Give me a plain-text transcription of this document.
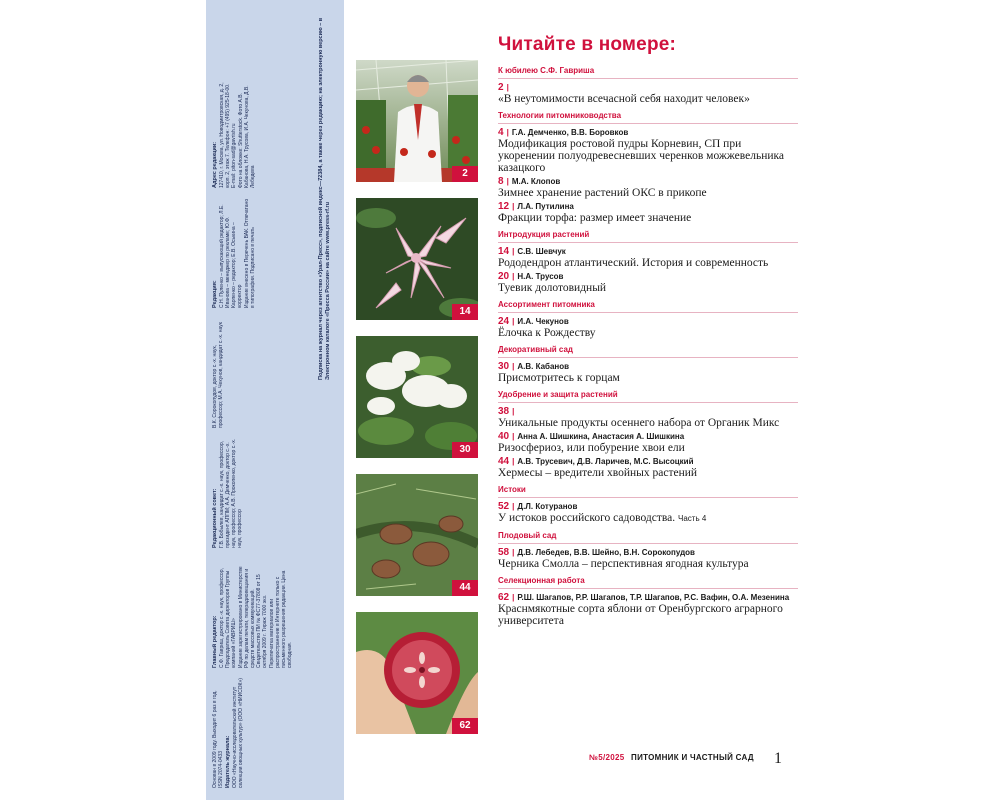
Основан в 2009 году. Выходит 6 раз в год. ISSN 2074-0433 Издатель журнала: ООО «Научно-исследовательский институт селекции овощных культур» (ООО «НИИСОК»)

Главный редактор: С.Ф. Гавриш, доктор с.-х. наук, профессор, Председатель Совета директоров Группы компаний «ГАВРИШ» Издание зарегистрировано в Министерстве РФ по делам печати, телерадиовещания и средств массовых коммуникаций. Свидетельство ПИ № ФС77-37808 от 15 октября 2009 г. Тираж 7000 экз. Перепечатка материалов или распространение в Интернете только с письменного разрешения редакции. Цена свободная.

Редакционный совет: Г.В. Бобылев, кандидат с.-х. наук, профессор, президент АППМ; А.А. Демченко, доктор с.-х. наук, профессор; А.В. Прокопенко, доктор с.-х. наук, профессор

В.К. Сорокопудов, доктор с.-х. наук, профессор; М.А. Чекунов, кандидат с.-х. наук

Редакция: С.Н. Пуленко – выпускающий редактор; Л.Е. Иванова – менеджер по рекламе; Ю.Ф. Карпенко – редактор; Е.В. Оськина – корректор Издание внесено в Перечень ВАК. Отпечатано в типографии. Подписано в печать

Адрес редакции: 127410, г. Москва, ул. Новодмитровская, д. 2, корп. 2, этаж 7. Телефон: +7 (495) 925-18-00. E-mail: piton-sad@gavrish.ru Фото на обложке: Shutterstock. Фото А.В. Кабанова, Н.А. Трусова, И.А. Чекунова, Д.В. Лебедева	Подписка на журнал через агентство «Урал-Пресс», подписной индекс—72384, а также через редакцию; на электронную версию – в Электронном каталоге «Пресса России» на сайте www.press-rf.ru
2
14
30
44
62
Читайте в номере:
К юбилею С.Ф. Гавриша
2 |
«В неутомимости всечасной себя находит человек»
Технологии питомниководства
4 | Г.А. Демченко, В.В. Боровков
Модификация ростовой пудры Корневин, СП при укоренении полуодревесневших черенков можжевельника казацкого
8 | М.А. Клопов
Зимнее хранение растений ОКС в прикопе
12 | Л.А. Путилина
Фракции торфа: размер имеет значение
Интродукция растений
14 | С.В. Шевчук
Рододендрон атлантический. История и современность
20 | Н.А. Трусов
Туевик долотовидный
Ассортимент питомника
24 | И.А. Чекунов
Ёлочка к Рождеству
Декоративный сад
30 | А.В. Кабанов
Присмотритесь к горцам
Удобрение и защита растений
38 |
Уникальные продукты осеннего набора от Органик Микс
40 | Анна А. Шишкина, Анастасия А. Шишкина
Ризосфериоз, или побурение хвои ели
44 | А.В. Трусевич, Д.В. Ларичев, М.С. Высоцкий
Хермесы – вредители хвойных растений
Истоки
52 | Д.Л. Котуранов
У истоков российского садоводства. Часть 4
Плодовый сад
58 | Д.В. Лебедев, В.В. Шейно, В.Н. Сорокопудов
Черника Смолла – перспективная ягодная культура
Селекционная работа
62 | Р.Ш. Шагапов, Р.Р. Шагапов, Т.Р. Шагапов, Р.С. Вафин, О.А. Мезенина
Краснмякотные сорта яблони от Оренбургского аграрного университета
№5/2025 ПИТОМНИК И ЧАСТНЫЙ САД	1
